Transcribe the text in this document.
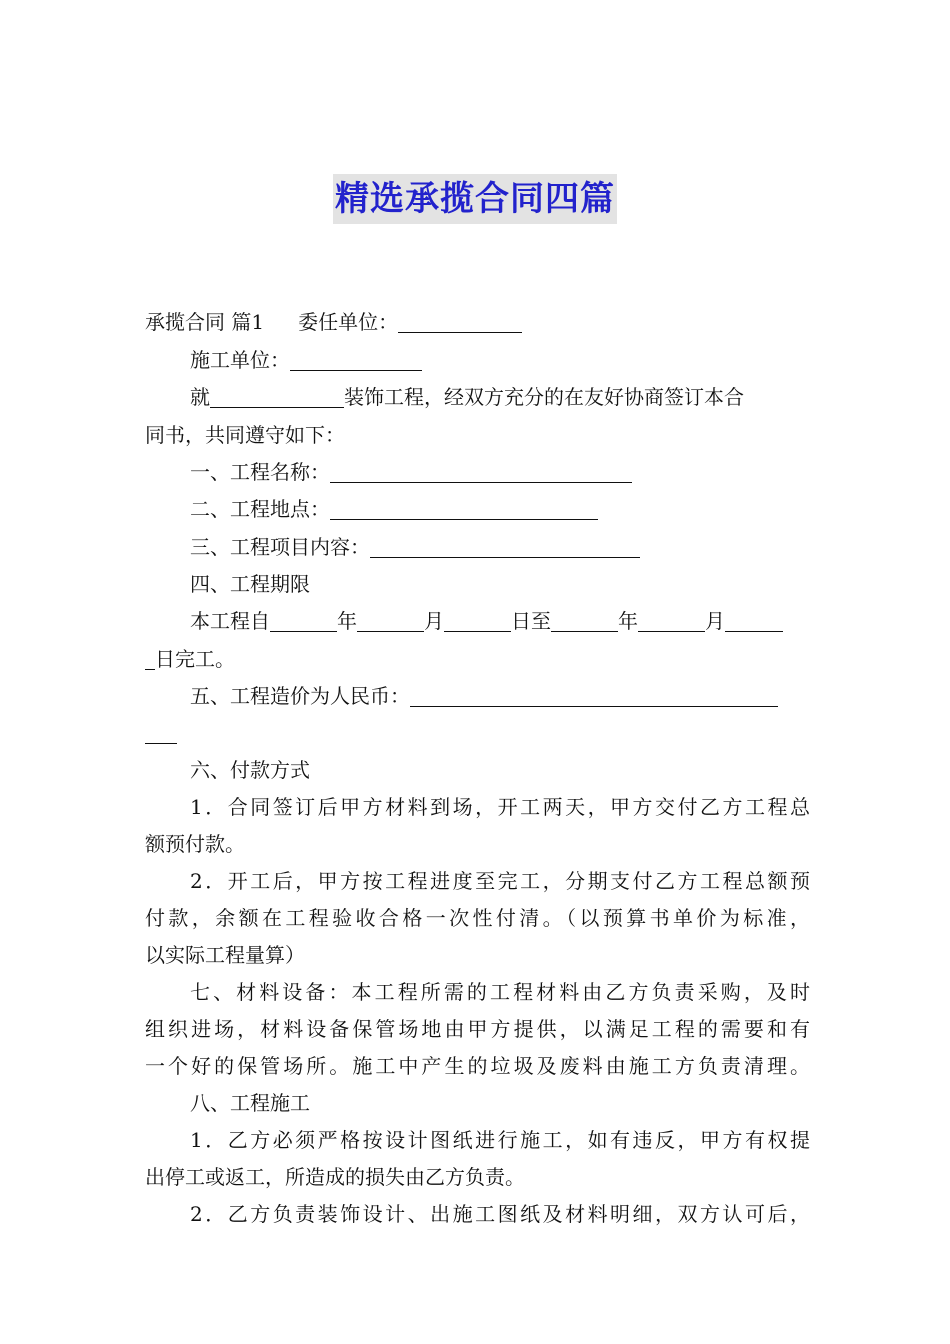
精选承揽合同四篇
承揽合同 篇1 委任单位：
施工单位：
就	装饰工程，经双方充分的在友好协商签订本合
同书，共同遵守如下：
一、工程名称：
二、工程地点：
三、工程项目内容：
四、工程期限
本工程自	年	月	日至	年	月
日完工。
五、工程造价为人民币：
六、付款方式
1．合同签订后甲方材料到场，开工两天，甲方交付乙方工程总
额预付款。
2．开工后，甲方按工程进度至完工，分期支付乙方工程总额预
付款，余额在工程验收合格一次性付清。（以预算书单价为标准，
以实际工程量算）
七、材料设备：本工程所需的工程材料由乙方负责采购，及时
组织进场，材料设备保管场地由甲方提供，以满足工程的需要和有
一个好的保管场所。施工中产生的垃圾及废料由施工方负责清理。
八、工程施工
1．乙方必须严格按设计图纸进行施工，如有违反，甲方有权提
出停工或返工，所造成的损失由乙方负责。
2．乙方负责装饰设计、出施工图纸及材料明细，双方认可后，
